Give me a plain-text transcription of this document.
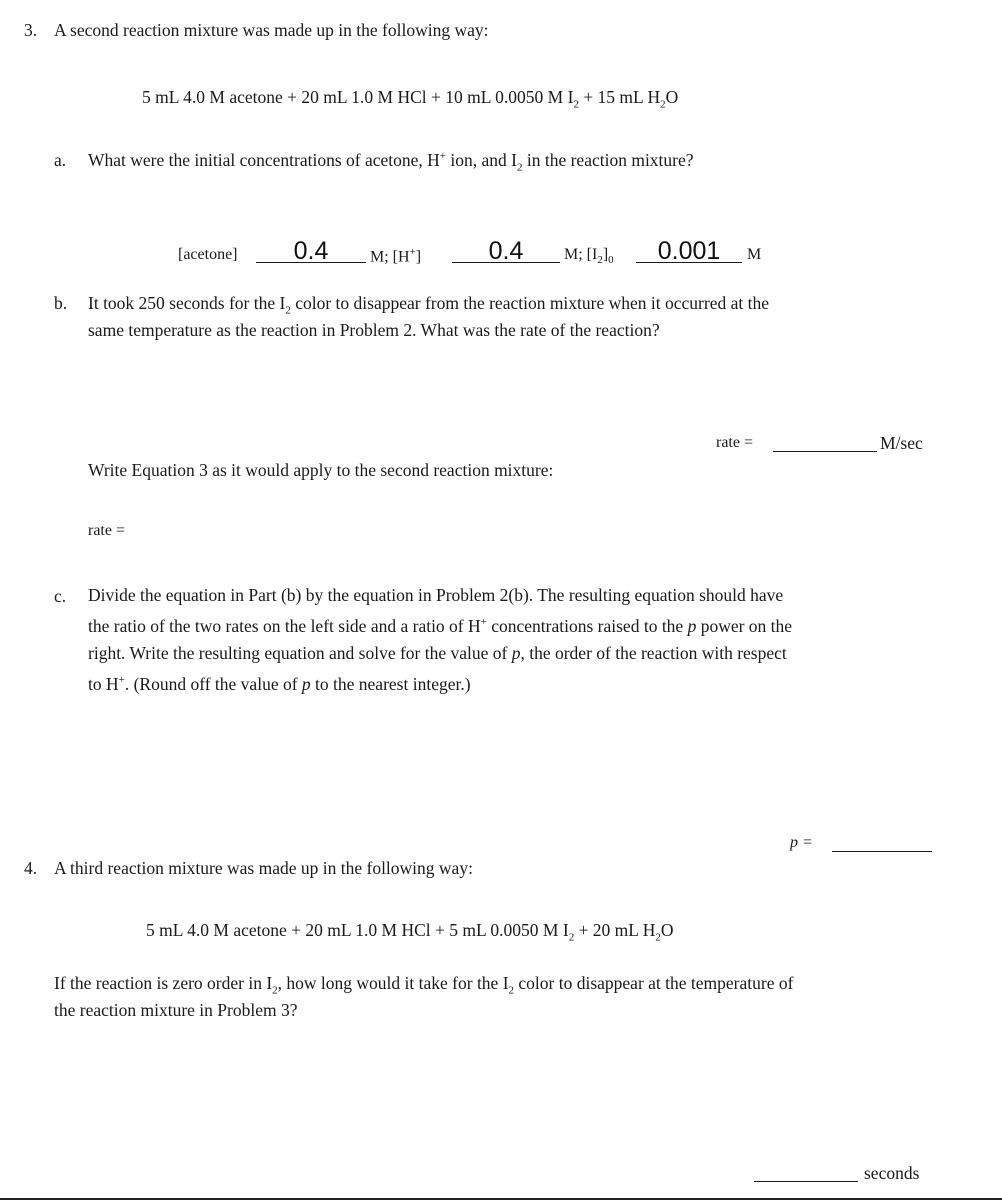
3. A second reaction mixture was made up in the following way:
5 mL 4.0 M acetone + 20 mL 1.0 M HCl + 10 mL 0.0050 M $I_2 + 15$ mL $H_2O$
a. What were the initial concentrations of acetone, H+ ion, and $I_2$ in the reaction mixture?
[acetone]	0.4	M; [H+]	0.4	M; $[I_2]_0$	0.001	M
b. It took 250 seconds for the $I_2$ color to disappear from the reaction mixture when it occurred at the
same temperature as the reaction in Problem 2. What was the rate of the reaction?
rate =	M/sec
Write Equation 3 as it would apply to the second reaction mixture:
rate =
c. Divide the equation in Part (b) by the equation in Problem 2(b). The resulting equation should have
the ratio of the two rates on the left side and a ratio of H+ concentrations raised to the p power on the
right. Write the resulting equation and solve for the value of p, the order of the reaction with respect
to H+. (Round off the value of p to the nearest integer.)
p =
4. A third reaction mixture was made up in the following way:
5 mL 4.0 M acetone + 20 mL 1.0 M HCl + 5 mL 0.0050 M $I_2 + 20$ mL $H_2O$
If the reaction is zero order in $I_2$, how long would it take for the $I_2$ color to disappear at the temperature of
the reaction mixture in Problem 3?
seconds
